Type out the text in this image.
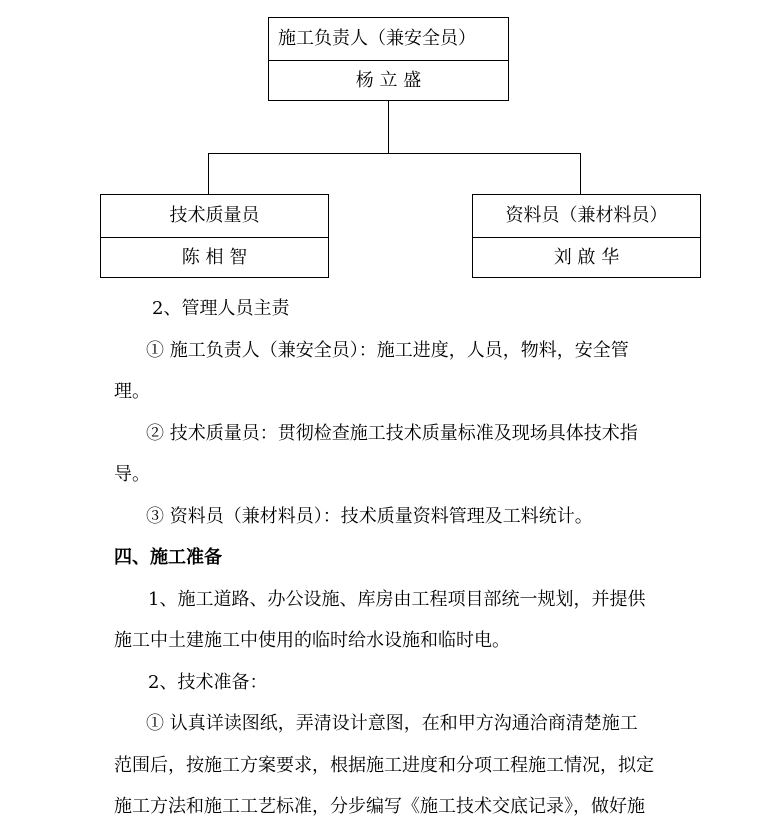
施工负责人（兼安全员）
杨 立 盛
技术质量员
陈 相 智
资料员（兼材料员）
刘 啟 华
2、管理人员主责
① 施工负责人（兼安全员）：施工进度，人员，物料，安全管
理。
② 技术质量员：贯彻检查施工技术质量标准及现场具体技术指
导。
③ 资料员（兼材料员）：技术质量资料管理及工料统计。
四、施工准备
1、施工道路、办公设施、库房由工程项目部统一规划，并提供
施工中土建施工中使用的临时给水设施和临时电。
2、技术准备：
① 认真详读图纸，弄清设计意图，在和甲方沟通洽商清楚施工
范围后，按施工方案要求，根据施工进度和分项工程施工情况，拟定
施工方法和施工工艺标准，分步编写《施工技术交底记录》，做好施
